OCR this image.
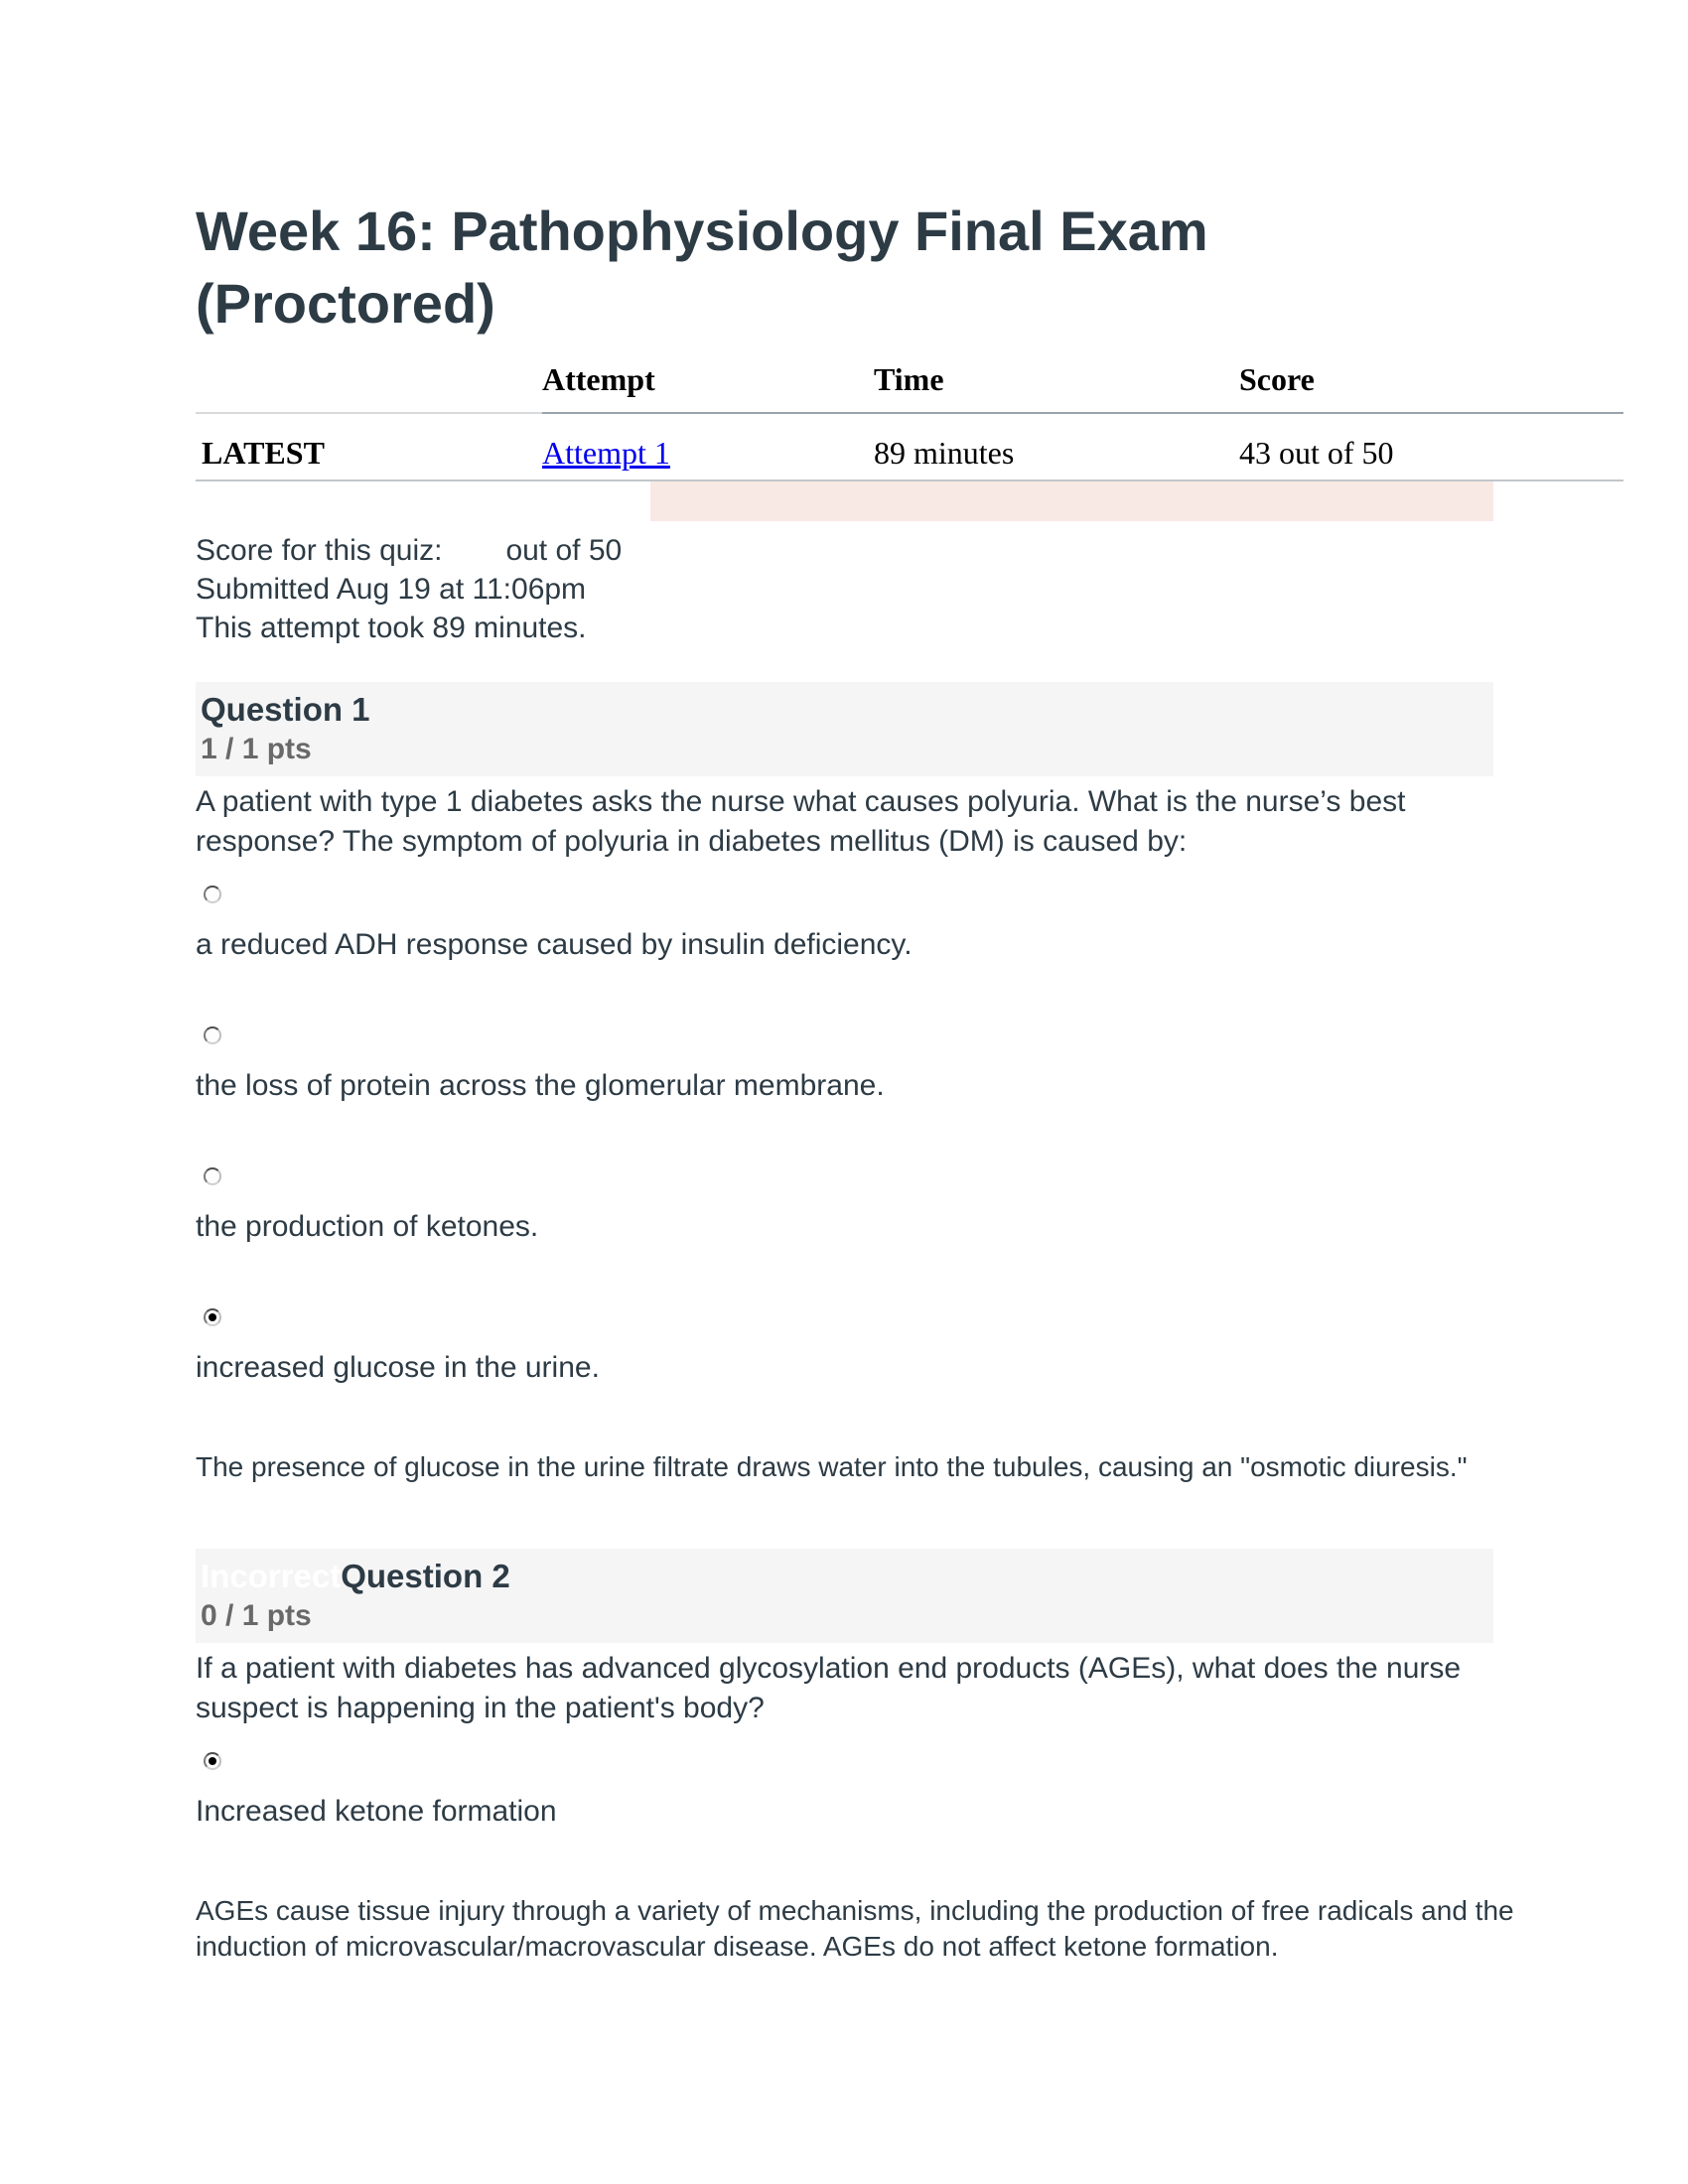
Week 16: Pathophysiology Final Exam (Proctored)
	Attempt	Time	Score
LATEST	Attempt 1	89 minutes	43 out of 50
Score for this quiz: out of 50
Submitted Aug 19 at 11:06pm
This attempt took 89 minutes.
Question 1
1 / 1 pts

A patient with type 1 diabetes asks the nurse what causes polyuria. What is the nurse’s best response? The symptom of polyuria in diabetes mellitus (DM) is caused by:

a reduced ADH response caused by insulin deficiency.
the loss of protein across the glomerular membrane.
the production of ketones.
increased glucose in the urine.

The presence of glucose in the urine filtrate draws water into the tubules, causing an "osmotic diuresis."

IncorrectQuestion 2
0 / 1 pts

If a patient with diabetes has advanced glycosylation end products (AGEs), what does the nurse suspect is happening in the patient's body?

Increased ketone formation

AGEs cause tissue injury through a variety of mechanisms, including the production of free radicals and the induction of microvascular/macrovascular disease. AGEs do not affect ketone formation.
